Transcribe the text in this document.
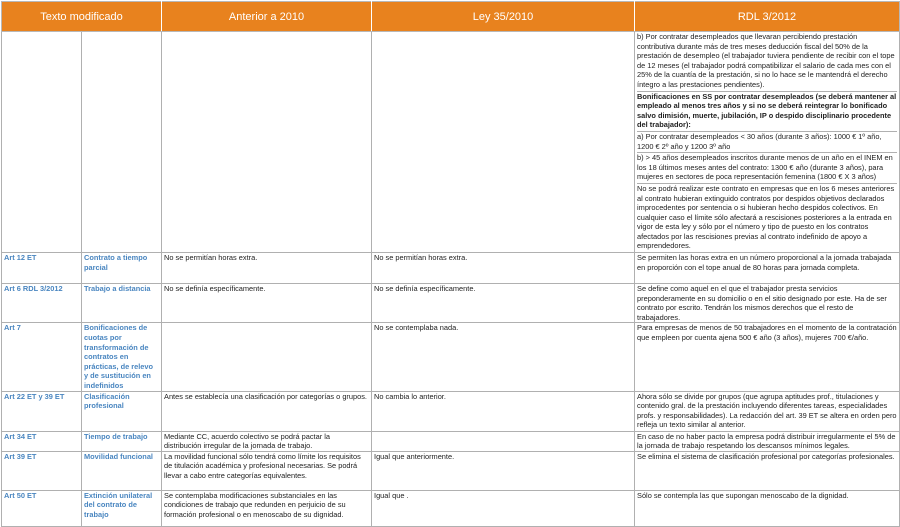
Texto modificado		Anterior a 2010	Ley 35/2010	RDL 3/2012

				b) Por contratar desempleados que llevaran percibiendo prestación contributiva durante más de tres meses deducción fiscal del 50% de la prestación de desempleo (el trabajador tuviera pendiente de recibir con el tope de 12 meses (el trabajador podrá compatibilizar el salario de cada mes con el 25% de la cuantía de la prestación, si no lo hace se le mantendrá el derecho íntegro a las prestaciones pendientes).
Bonificaciones en SS por contratar desempleados (se deberá mantener al empleado al menos tres años y si no se deberá reintegrar lo bonificado salvo dimisión, muerte, jubilación, IP o despido disciplinario procedente del trabajador):
a) Por contratar desempleados < 30 años (durante 3 años): 1000 € 1º año, 1200 € 2º año y 1200 3º año
b) > 45 años desempleados inscritos durante menos de un año en el INEM en los 18 últimos meses antes del contrato: 1300 € año (durante 3 años), para mujeres en sectores de poca representación femenina (1800 € X 3 años)
No se podrá realizar este contrato en empresas que en los 6 meses anteriores al contrato hubieran extinguido contratos por despidos objetivos declarados improcedentes por sentencia o si hubieran hecho despidos colectivos. En cualquier caso el límite sólo afectará a rescisiones posteriores a la entrada en vigor de esta ley y sólo por el número y tipo de puesto en los contratos afectados por las rescisiones previas al contrato indefinido de apoyo a emprendedores.

Art 12 ET	Contrato a tiempo parcial	No se permitían horas extra.	No se permitían horas extra.	Se permiten las horas extra en un número proporcional a la jornada trabajada en proporción con el tope anual de 80 horas para jornada completa.
Art 6 RDL 3/2012	Trabajo a distancia	No se definía específicamente.	No se definía específicamente.	Se define como aquel en el que el trabajador presta servicios preponderamente en su domicilio o en el sitio designado por este. Ha de ser contrato por escrito. Tendrán los mismos derechos que el resto de trabajadores.
Art 7	Bonificaciones de cuotas por transformación de contratos en prácticas, de relevo y de sustitución en indefinidos		No se contemplaba nada.	Para empresas de menos de 50 trabajadores en el momento de la contratación que empleen por cuenta ajena 500 € año (3 años), mujeres 700 €/año.
Art 22 ET y 39 ET	Clasificación profesional	Antes se establecía una clasificación por categorías o grupos.	No cambia lo anterior.	Ahora sólo se divide por grupos (que agrupa aptitudes prof., titulaciones y contenido gral. de la prestación incluyendo diferentes tareas, especialidades profs. y responsabilidades). La redacción del art. 39 ET se altera en orden pero refleja un texto similar al anterior.
Art 34 ET	Tiempo de trabajo	Mediante CC, acuerdo colectivo se podrá pactar la distribución irregular de la jornada de trabajo.		En caso de no haber pacto la empresa podrá distribuir irregularmente el 5% de la jornada de trabajo respetando los descansos mínimos legales.
Art 39 ET	Movilidad funcional	La movilidad funcional sólo tendrá como límite los requisitos de titulación académica y profesional necesarias. Se podrá llevar a cabo entre categorías equivalentes.	Igual que anteriormente.	Se elimina el sistema de clasificación profesional por categorías profesionales.
Art 50 ET	Extinción unilateral del contrato de trabajo	Se contemplaba modificaciones substanciales en las condiciones de trabajo que redunden en perjuicio de su formación profesional o en menoscabo de su dignidad.	Igual que .	Sólo se contempla las que supongan menoscabo de la dignidad.
